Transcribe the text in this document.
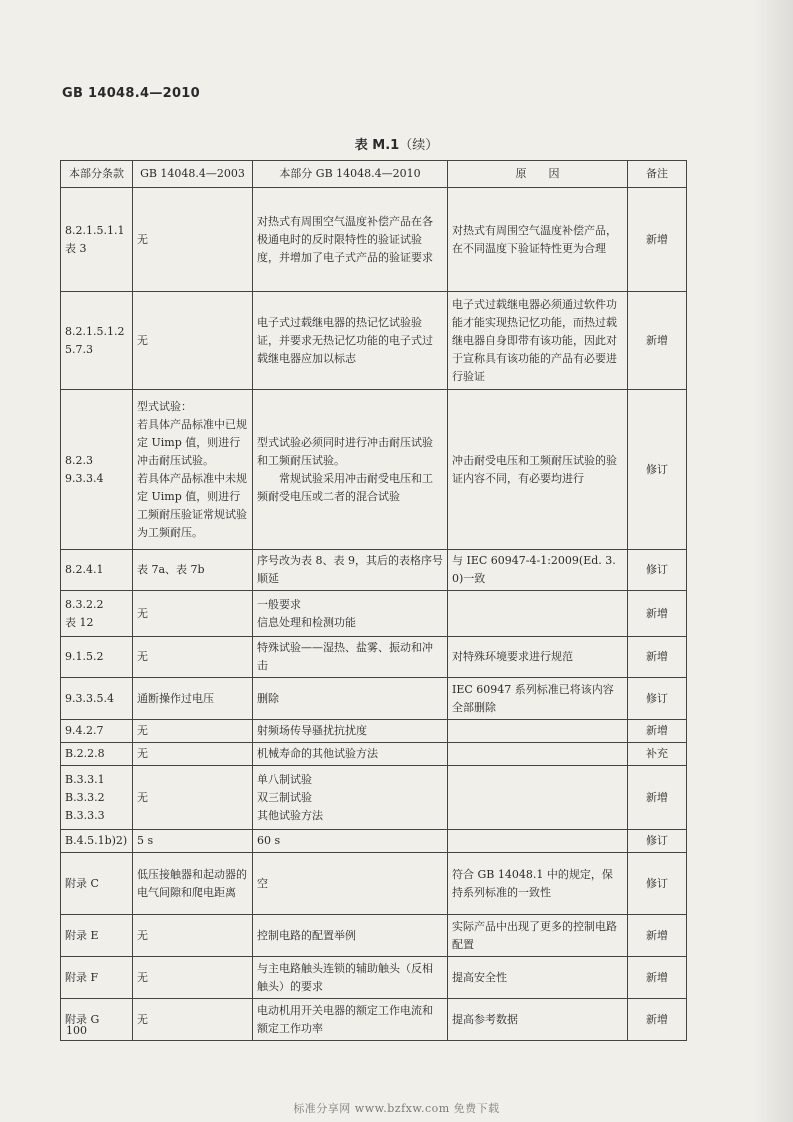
GB 14048.4—2010
表 M.1（续）
本部分条款	GB 14048.4—2003	本部分 GB 14048.4—2010	原　　因	备注
8.2.1.5.1.1
表 3	无	对热式有周围空气温度补偿产品在各极通电时的反时限特性的验证试验度，并增加了电子式产品的验证要求	对热式有周围空气温度补偿产品，在不同温度下验证特性更为合理	新增
8.2.1.5.1.2
5.7.3	无	电子式过载继电器的热记忆试验验证，并要求无热记忆功能的电子式过载继电器应加以标志	电子式过载继电器必须通过软件功能才能实现热记忆功能，而热过载继电器自身即带有该功能，因此对于宣称具有该功能的产品有必要进行验证	新增
8.2.3
9.3.3.4	型式试验：
若具体产品标准中已规定 Uimp 值，则进行冲击耐压试验。
若具体产品标准中未规定 Uimp 值，则进行工频耐压验证常规试验为工频耐压。	型式试验必须同时进行冲击耐压试验和工频耐压试验。
　　常规试验采用冲击耐受电压和工频耐受电压或二者的混合试验	冲击耐受电压和工频耐压试验的验证内容不同，有必要均进行	修订
8.2.4.1	表 7a、表 7b	序号改为表 8、表 9，其后的表格序号顺延	与 IEC 60947-4-1:2009(Ed. 3.0)一致	修订
8.3.2.2
表 12	无	一般要求
信息处理和检测功能		新增
9.1.5.2	无	特殊试验——湿热、盐雾、振动和冲击	对特殊环境要求进行规范	新增
9.3.3.5.4	通断操作过电压	删除	IEC 60947 系列标准已将该内容全部删除	修订
9.4.2.7	无	射频场传导骚扰抗扰度		新增
B.2.2.8	无	机械寿命的其他试验方法		补充
B.3.3.1
B.3.3.2
B.3.3.3	无	单八制试验
双三制试验
其他试验方法		新增
B.4.5.1b)2)	5 s	60 s		修订
附录 C	低压接触器和起动器的电气间隙和爬电距离	空	符合 GB 14048.1 中的规定，保持系列标准的一致性	修订
附录 E	无	控制电路的配置举例	实际产品中出现了更多的控制电路配置	新增
附录 F	无	与主电路触头连锁的辅助触头（反相触头）的要求	提高安全性	新增
附录 G	无	电动机用开关电器的额定工作电流和额定工作功率	提高参考数据	新增
100
标准分享网 www.bzfxw.com 免费下载
